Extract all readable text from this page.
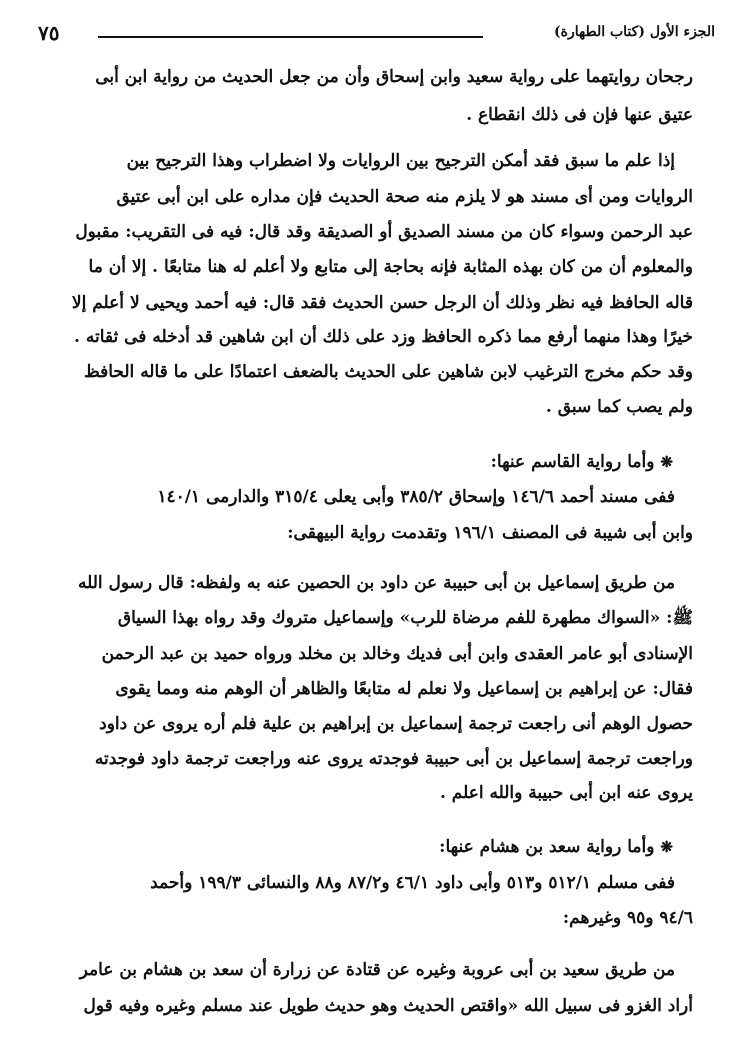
الجزء الأول (كتاب الطهارة)
٧٥
رجحان روايتهما على رواية سعيد وابن إسحاق وأن من جعل الحديث من رواية ابن أبى
عتيق عنها فإن فى ذلك انقطاع .
إذا علم ما سبق فقد أمكن الترجيح بين الروايات ولا اضطراب وهذا الترجيح بين
الروايات ومن أى مسند هو لا يلزم منه صحة الحديث فإن مداره على ابن أبى عتيق
عبد الرحمن وسواء كان من مسند الصديق أو الصديقة وقد قال: فيه فى التقريب: مقبول
والمعلوم أن من كان بهذه المثابة فإنه بحاجة إلى متابع ولا أعلم له هنا متابعًا . إلا أن ما
قاله الحافظ فيه نظر وذلك أن الرجل حسن الحديث فقد قال: فيه أحمد ويحيى لا أعلم إلا
خيرًا وهذا منهما أرفع مما ذكره الحافظ وزد على ذلك أن ابن شاهين قد أدخله فى ثقاته .
وقد حكم مخرج الترغيب لابن شاهين على الحديث بالضعف اعتمادًا على ما قاله الحافظ
ولم يصب كما سبق .
❋وأما رواية القاسم عنها:
ففى مسند أحمد ١٤٦/٦ وإسحاق ٣٨٥/٢ وأبى يعلى ٣١٥/٤ والدارمى ١٤٠/١
وابن أبى شيبة فى المصنف ١٩٦/١ وتقدمت رواية البيهقى:
من طريق إسماعيل بن أبى حبيبة عن داود بن الحصين عنه به ولفظه: قال رسول الله
ﷺ: «السواك مطهرة للفم مرضاة للرب» وإسماعيل متروك وقد رواه بهذا السياق
الإسنادى أبو عامر العقدى وابن أبى فديك وخالد بن مخلد ورواه حميد بن عبد الرحمن
فقال: عن إبراهيم بن إسماعيل ولا نعلم له متابعًا والظاهر أن الوهم منه ومما يقوى
حصول الوهم أنى راجعت ترجمة إسماعيل بن إبراهيم بن علية فلم أره يروى عن داود
وراجعت ترجمة إسماعيل بن أبى حبيبة فوجدته يروى عنه وراجعت ترجمة داود فوجدته
يروى عنه ابن أبى حبيبة والله اعلم .
❋وأما رواية سعد بن هشام عنها:
ففى مسلم ٥١٢/١ و٥١٣ وأبى داود ٤٦/١ و٨٧/٢ و٨٨ والنسائى ١٩٩/٣ وأحمد
٩٤/٦ و٩٥ وغيرهم:
من طريق سعيد بن أبى عروبة وغيره عن قتادة عن زرارة أن سعد بن هشام بن عامر
أراد الغزو فى سبيل الله «واقتص الحديث وهو حديث طويل عند مسلم وغيره وفيه قول
